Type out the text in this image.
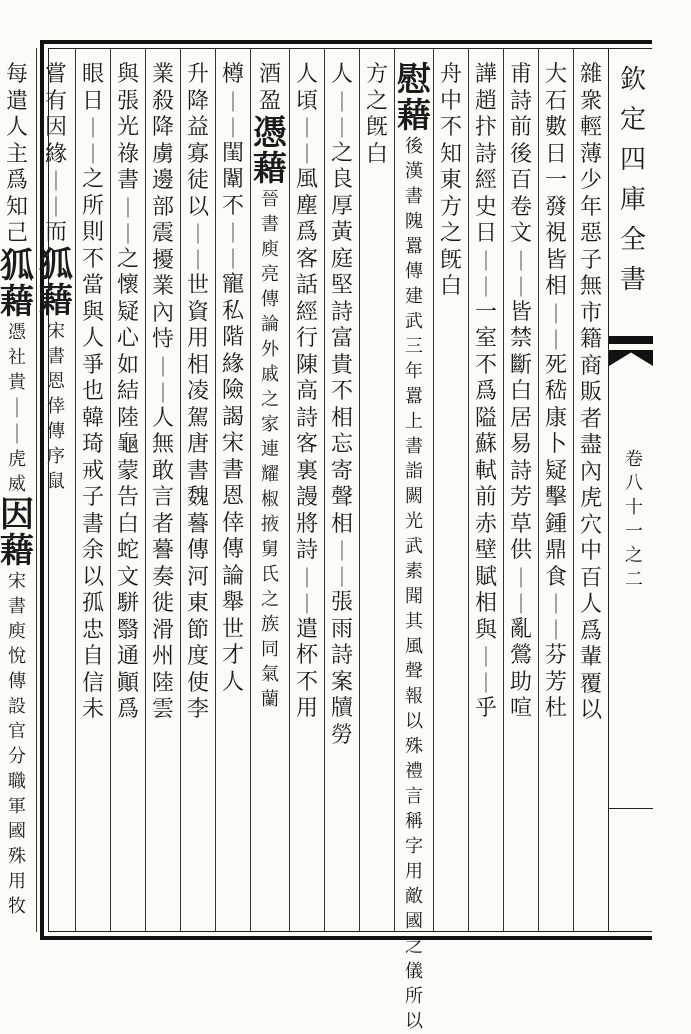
欽
定
四
庫
全
書
卷
八
十
一
之
二
雜
衆
輕
薄
少
年
惡
子
無
市
籍
商
販
者
盡
內
虎
穴
中
百
人
爲
輩
覆
以
大
石
數
日
一
發
視
皆
相
｜
｜
死
嵇
康
卜
疑
擊
鍾
鼎
食
｜
｜
芬
芳
杜
甫
詩
前
後
百
卷
文
｜
｜
皆
禁
斷
白
居
易
詩
芳
草
供
｜
｜
亂
鶯
助
喧
譁
趙
抃
詩
經
史
日
｜
｜
一
室
不
爲
隘
蘇
軾
前
赤
壁
賦
相
與
｜
｜
乎
舟
中
不
知
東
方
之
旣
白
慰
藉
後
漢
書
隗
囂
傳
建
武
三
年
囂
上
書
詣
闕
光
武
素
聞
其
風
聲
報
以
殊
禮
言
稱
字
用
敵
國
之
儀
所
以
方
之
旣
白
人
｜
｜
之
良
厚
黃
庭
堅
詩
富
貴
不
相
忘
寄
聲
相
｜
｜
張
雨
詩
案
牘
勞
人
頃
｜
｜
風
塵
爲
客
話
經
行
陳
高
詩
客
裏
謾
將
詩
｜
｜
遣
杯
不
用
酒
盈
憑
藉
晉
書
庾
亮
傳
論
外
戚
之
家
連
耀
椒
掖
舅
氏
之
族
同
氣
蘭
樽
｜
｜
閨
闈
不
｜
｜
寵
私
階
緣
險
謁
宋
書
恩
倖
傳
論
舉
世
才
人
升
降
益
寡
徒
以
｜
｜
世
資
用
相
凌
駕
唐
書
魏
謩
傳
河
東
節
度
使
李
業
殺
降
虜
邊
部
震
擾
業
內
恃
｜
｜
人
無
敢
言
者
謩
奏
徙
滑
州
陸
雲
與
張
光
祿
書
｜
｜
之
懷
疑
心
如
結
陸
龜
蒙
告
白
蛇
文
駢
翳
通
顚
爲
眼
日
｜
｜
之
所
則
不
當
與
人
爭
也
韓
琦
戒
子
書
余
以
孤
忠
自
信
未
嘗
有
因
緣
｜
｜
而
狐
藉
宋
書
恩
倖
傳
序
鼠
每
遣
人
主
爲
知
己
狐
藉
憑
社
貴
｜
｜
虎
威
因
藉
宋
書
庾
悅
傳
設
官
分
職
軍
國
殊
用
牧
